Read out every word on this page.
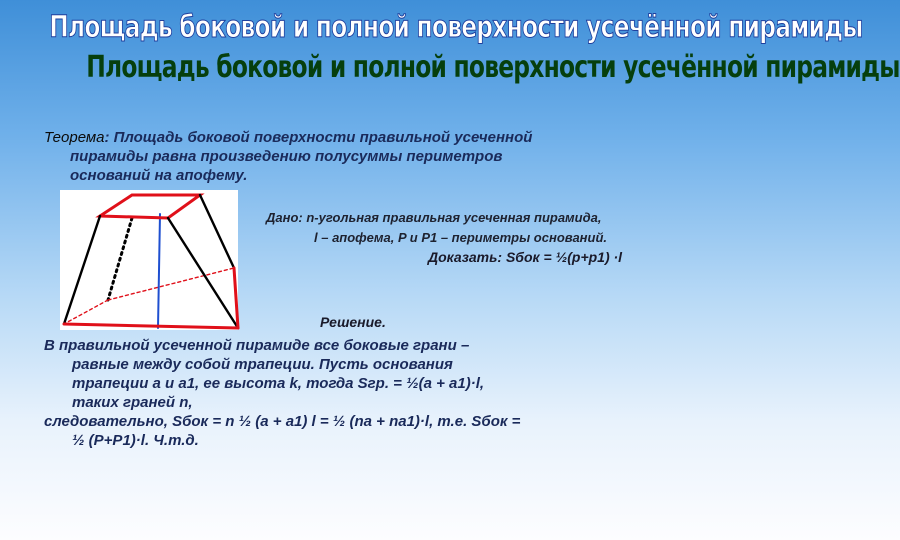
Площадь боковой и полной поверхности усечённой пирамиды
Площадь боковой и полной поверхности усечённой пирамиды
Теорема: Площадь боковой поверхности правильной усеченной
пирамиды равна произведению полусуммы периметров
оснований на апофему.
Дано: n-угольная правильная усеченная пирамида,
l – апофема, P и P1 – периметры оснований.
Доказать: Sбок = ½(p+p1) ·l
Решение.
В правильной усеченной пирамиде все боковые грани –
равные между собой трапеции. Пусть основания
трапеции a и a1, ее высота k, тогда Sгр. = ½(a + a1)·l,
таких граней n,
следовательно, Sбок = n ½ (a + a1) l = ½ (na + na1)·l, т.е. Sбок =
½ (P+P1)·l. Ч.т.д.
